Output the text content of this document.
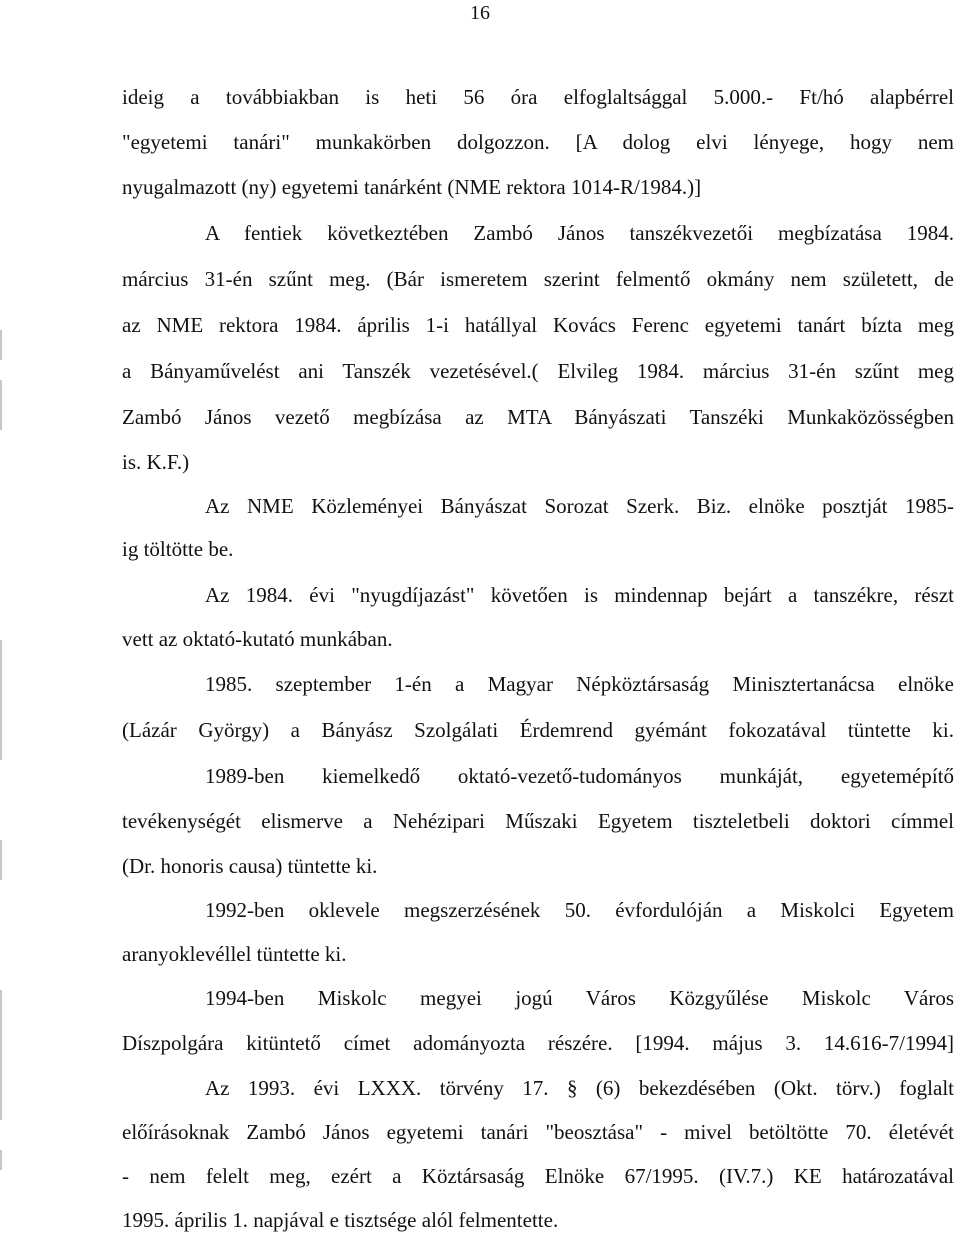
16
ideig a továbbiakban is heti 56 óra elfoglaltsággal 5.000.- Ft/hó alapbérrel
"egyetemi tanári" munkakörben dolgozzon. [A dolog elvi lényege, hogy nem
nyugalmazott (ny) egyetemi tanárként (NME rektora 1014-R/1984.)]
A fentiek következtében Zambó János tanszékvezetői megbízatása 1984.
március 31-én szűnt meg. (Bár ismeretem szerint felmentő okmány nem született, de
az NME rektora 1984. április 1-i hatállyal Kovács Ferenc egyetemi tanárt bízta meg
a Bányaművelést ani Tanszék vezetésével.( Elvileg 1984. március 31-én szűnt meg
Zambó János vezető megbízása az MTA Bányászati Tanszéki Munkaközösségben
is. K.F.)
Az NME Közleményei Bányászat Sorozat Szerk. Biz. elnöke posztját 1985-
ig töltötte be.
Az 1984. évi "nyugdíjazást" követően is mindennap bejárt a tanszékre, részt
vett az oktató-kutató munkában.
1985. szeptember 1-én a Magyar Népköztársaság Minisztertanácsa elnöke
(Lázár György) a Bányász Szolgálati Érdemrend gyémánt fokozatával tüntette ki.
1989-ben kiemelkedő oktató-vezető-tudományos munkáját, egyetemépítő
tevékenységét elismerve a Nehézipari Műszaki Egyetem tiszteletbeli doktori címmel
(Dr. honoris causa) tüntette ki.
1992-ben oklevele megszerzésének 50. évfordulóján a Miskolci Egyetem
aranyoklevéllel tüntette ki.
1994-ben Miskolc megyei jogú Város Közgyűlése Miskolc Város
Díszpolgára kitüntető címet adományozta részére. [1994. május 3. 14.616-7/1994]
Az 1993. évi LXXX. törvény 17. § (6) bekezdésében (Okt. törv.) foglalt
előírásoknak Zambó János egyetemi tanári "beosztása" - mivel betöltötte 70. életévét
- nem felelt meg, ezért a Köztársaság Elnöke 67/1995. (IV.7.) KE határozatával
1995. április 1. napjával e tisztsége alól felmentette.
